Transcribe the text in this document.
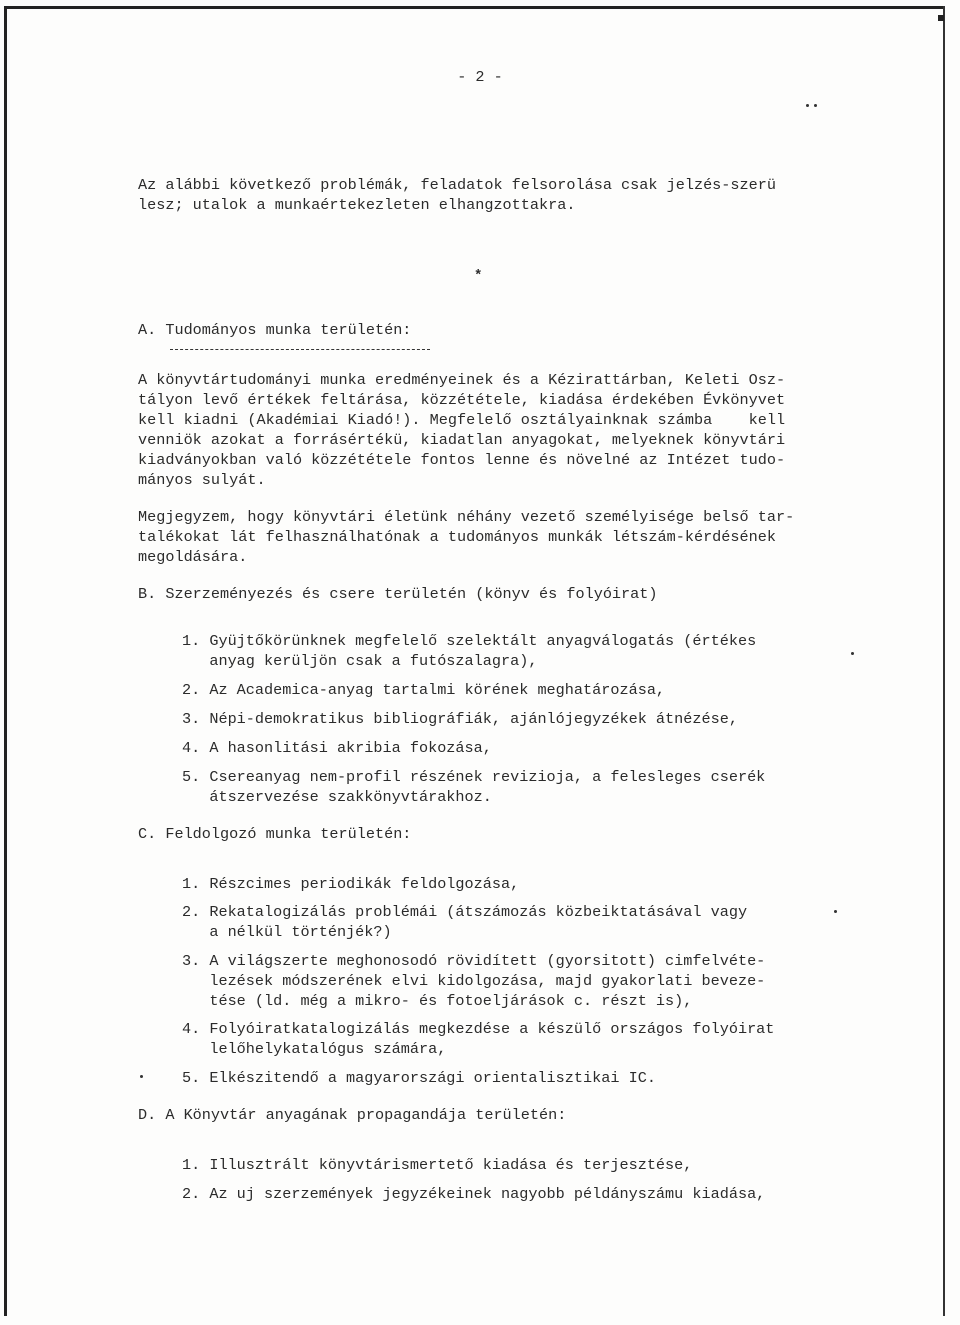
- 2 -
Az alábbi következő problémák, feladatok felsorolása csak jelzés-szerü
lesz; utalok a munkaértekezleten elhangzottakra.
*
A. Tudományos munka területén:
A könyvtártudományi munka eredményeinek és a Kézirattárban, Keleti Osz-
tályon levő értékek feltárása, közzététele, kiadása érdekében Évkönyvet
kell kiadni (Akadémiai Kiadó!). Megfelelő osztályainknak számba    kell
venniök azokat a forrásértékü, kiadatlan anyagokat, melyeknek könyvtári
kiadványokban való közzététele fontos lenne és növelné az Intézet tudo-
mányos sulyát.
Megjegyzem, hogy könyvtári életünk néhány vezető személyisége belső tar-
talékokat lát felhasználhatónak a tudományos munkák létszám-kérdésének
megoldására.
B. Szerzeményezés és csere területén (könyv és folyóirat)
1. Gyüjtőkörünknek megfelelő szelektált anyagválogatás (értékes
anyag kerüljön csak a futószalagra),
2. Az Academica-anyag tartalmi körének meghatározása,
3. Népi-demokratikus bibliográfiák, ajánlójegyzékek átnézése,
4. A hasonlitási akribia fokozása,
5. Csereanyag nem-profil részének revizioja, a felesleges cserék
átszervezése szakkönyvtárakhoz.
C. Feldolgozó munka területén:
1. Részcimes periodikák feldolgozása,
2. Rekatalogizálás problémái (átszámozás közbeiktatásával vagy
a nélkül történjék?)
3. A világszerte meghonosodó rövidített (gyorsitott) cimfelvéte-
lezések módszerének elvi kidolgozása, majd gyakorlati beveze-
tése (ld. még a mikro- és fotoeljárások c. részt is),
4. Folyóiratkatalogizálás megkezdése a készülő országos folyóirat
lelőhelykatalógus számára,
5. Elkészitendő a magyarországi orientalisztikai IC.
D. A Könyvtár anyagának propagandája területén:
1. Illusztrált könyvtárismertető kiadása és terjesztése,
2. Az uj szerzemények jegyzékeinek nagyobb példányszámu kiadása,
